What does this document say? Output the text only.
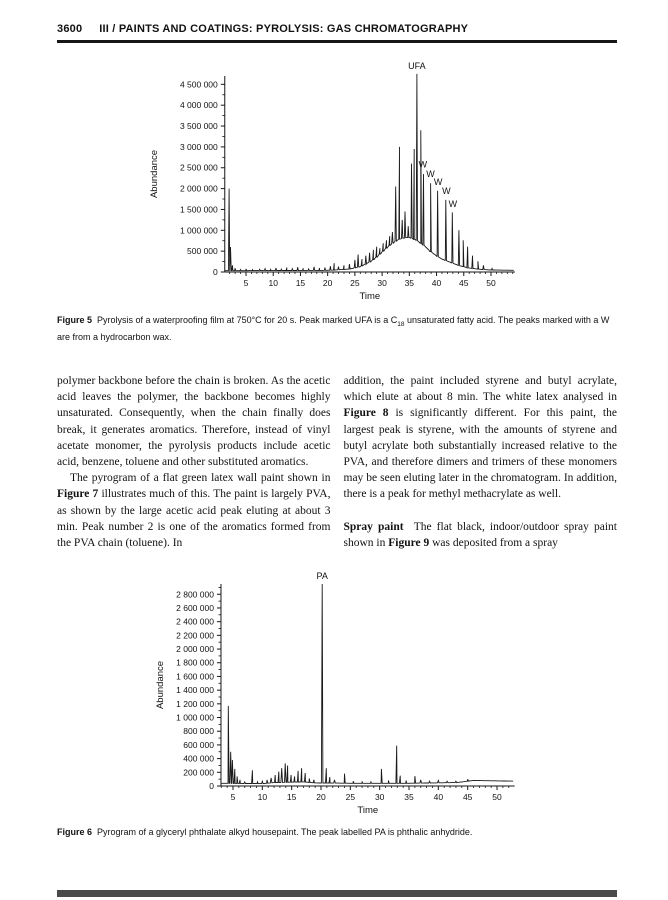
3600 III / PAINTS AND COATINGS: PYROLYSIS: GAS CHROMATOGRAPHY
0
500 000
1 000 000
1 500 000
2 000 000
2 500 000
3 000 000
3 500 000
4 000 000
4 500 000
5 10 15 20 25 30 35 40 45 50
Time
Abundance
UFA
W
W
W
W
W

Figure 5  Pyrolysis of a waterproofing film at 750°C for 20 s. Peak marked UFA is a $C_{18}$ unsaturated fatty acid. The peaks marked with a W are from a hydrocarbon wax.

polymer backbone before the chain is broken. As the acetic acid leaves the polymer, the backbone becomes highly unsaturated. Consequently, when the chain finally does break, it generates aromatics. Therefore, instead of vinyl acetate monomer, the pyrolysis products include acetic acid, benzene, toluene and other substituted aromatics.

The pyrogram of a flat green latex wall paint shown in Figure 7 illustrates much of this. The paint is largely PVA, as shown by the large acetic acid peak eluting at about 3 min. Peak number 2 is one of the aromatics formed from the PVA chain (toluene). In

addition, the paint included styrene and butyl acrylate, which elute at about 8 min. The white latex analysed in Figure 8 is significantly different. For this paint, the largest peak is styrene, with the amounts of styrene and butyl acrylate both substantially increased relative to the PVA, and therefore dimers and trimers of these monomers may be seen eluting later in the chromatogram. In addition, there is a peak for methyl methacrylate as well.

Spray paint  The flat black, indoor/outdoor spray paint shown in Figure 9 was deposited from a spray

0
200 000
400 000
600 000
800 000
1 000 000
1 200 000
1 400 000
1 600 000
1 800 000
2 000 000
2 200 000
2 400 000
2 600 000
2 800 000
5	10 15 20 25 30 35 40 45 50
Time
Abundance
PA

Figure 6  Pyrogram of a glyceryl phthalate alkyd housepaint. The peak labelled PA is phthalic anhydride.
